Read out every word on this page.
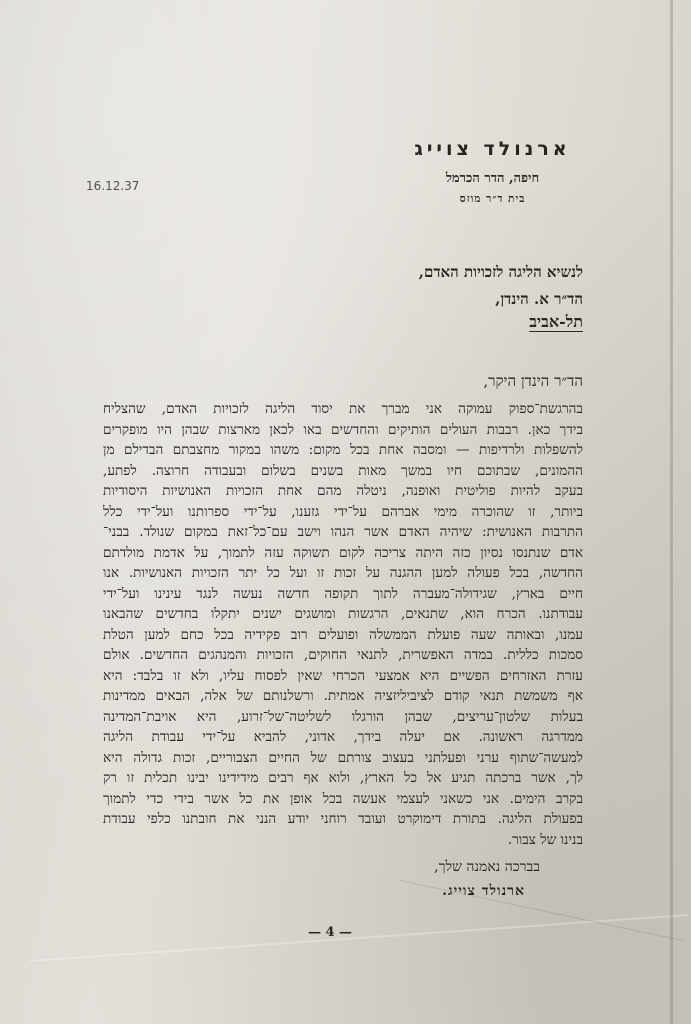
ארנולד צוייג
חיפה, הדר הכרמל
בית ד״ר מוזס
16.12.37
לנשיא הליגה לזכויות האדם,
הד״ר א. הינדן,
תל-אביב
הד״ר הינדן היקר,
בהרגשת־ספוק עמוקה אני מברך את יסוד הליגה לזכויות האדם, שהצליח
בידך כאן. רבבות העולים הותיקים והחדשים באו לכאן מארצות שבהן היו מופקרים
להשפלות ולרדיפות — ומסבה אחת בכל מקום: משהו במקור מחצבתם הבדילם מן
ההמונים, שבתוכם חיו במשך מאות בשנים בשלום ובעבודה חרוצה. לפתע,
בעקב להיות פוליטית ואופנה, ניטלה מהם אחת הזכויות האנושיות היסודיות
ביותר, זו שהוכרה מימי אברהם על־ידי גזענו, על־ידי ספרותנו ועל־ידי כלל
התרבות האנושית: שיהיה האדם אשר הנהו וישב עם־כל־זאת במקום שנולד. בבני־
אדם שנתנסו נסיון כזה היתה צריכה לקום תשוקה עזה לתמוך, על אדמת מולדתם
החדשה, בכל פעולה למען ההגנה על זכות זו ועל כל יתר הזכויות האנושיות. אנו
חיים בארץ, שגידולה־מעברה לתוך תקופה חדשה נעשה לנגד עינינו ועל־ידי
עבודתנו. הכרח הוא, שתנאים, הרגשות ומושגים ישנים יתקלו בחדשים שהבאנו
עמנו, ובאותה שעה פועלת הממשלה ופועלים רוב פקידיה בכל כחם למען הטלת
סמכות כללית. במדה האפשרית, לתנאי החוקים, הזכויות והמנהגים החדשים. אולם
עזרת האזרחים הפשיים היא אמצעי הכרחי שאין לפסוח עליו, ולא זו בלבד: היא
אף משמשת תנאי קודם לציביליזציה אמתית. ורשלנותם של אלה, הבאים ממדינות
בעלות שלטון־עריצים, שבהן הורגלו לשליטה־של־זרוע, היא אויבת־המדינה
ממדרגה ראשונה. אם יעלה בידך, אדוני, להביא על־ידי עבודת הליגה
למעשה־שתוף ערני ופעלתני בעצוב צורתם של החיים הצבוריים, זכות גדולה היא
לך, אשר ברכתה תגיע אל כל הארץ, ולוא אף רבים מידידינו יבינו תכלית זו רק
בקרב הימים. אני כשאני לעצמי אעשה בכל אופן את כל אשר בידי כדי לתמוך
בברכה נאמנה שלך,
ארנולד צוייג.
— 4 —
בפעולת הליגה. בתורת דימוקרט ועובד רוחני יודע הנני את חובתנו כלפי עבודת
בנינו של צבור.
